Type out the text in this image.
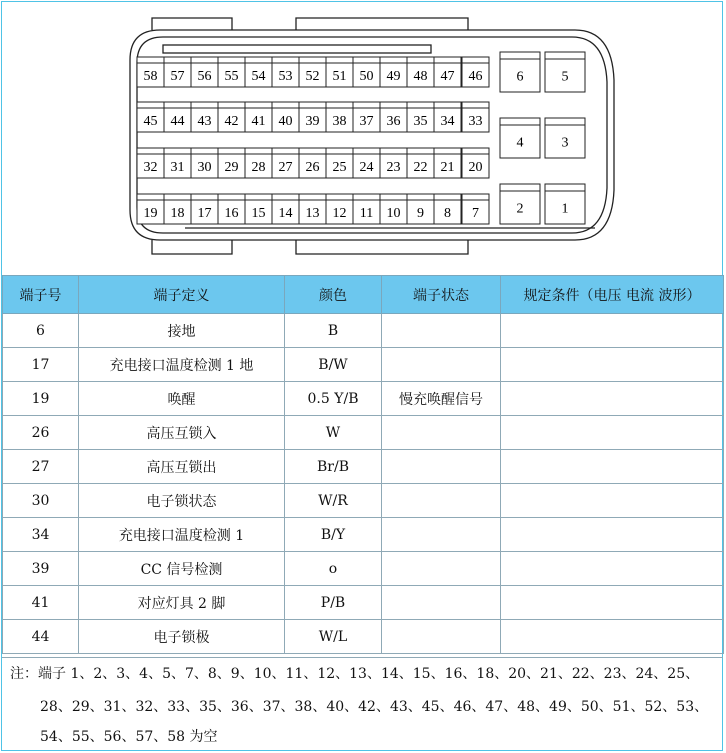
58 57 56 55 54 53 52 51 50 49 48 47 46
45 44 43 42 41 40 39 38 37 36 35 34 33
32 31 30 29 28 27 26 25 24 23 22 21 20
19 18 17 16 15 14 13 12 11 10 9 8 7
6	5
4	3
2	1
端子号	端子定义	颜色	端子状态	规定条件（电压 电流 波形）
6	接地	B		
17	充电接口温度检测 1 地	B/W		
19	唤醒	0.5 Y/B	慢充唤醒信号	
26	高压互锁入	W		
27	高压互锁出	Br/B		
30	电子锁状态	W/R		
34	充电接口温度检测 1	B/Y		
39	CC 信号检测	o		
41	对应灯具 2 脚	P/B		
44	电子锁极	W/L		
注：端子 1、2、3、4、5、7、8、9、10、11、12、13、14、15、16、18、20、21、22、23、24、25、
28、29、31、32、33、35、36、37、38、40、42、43、45、46、47、48、49、50、51、52、53、
54、55、56、57、58 为空
